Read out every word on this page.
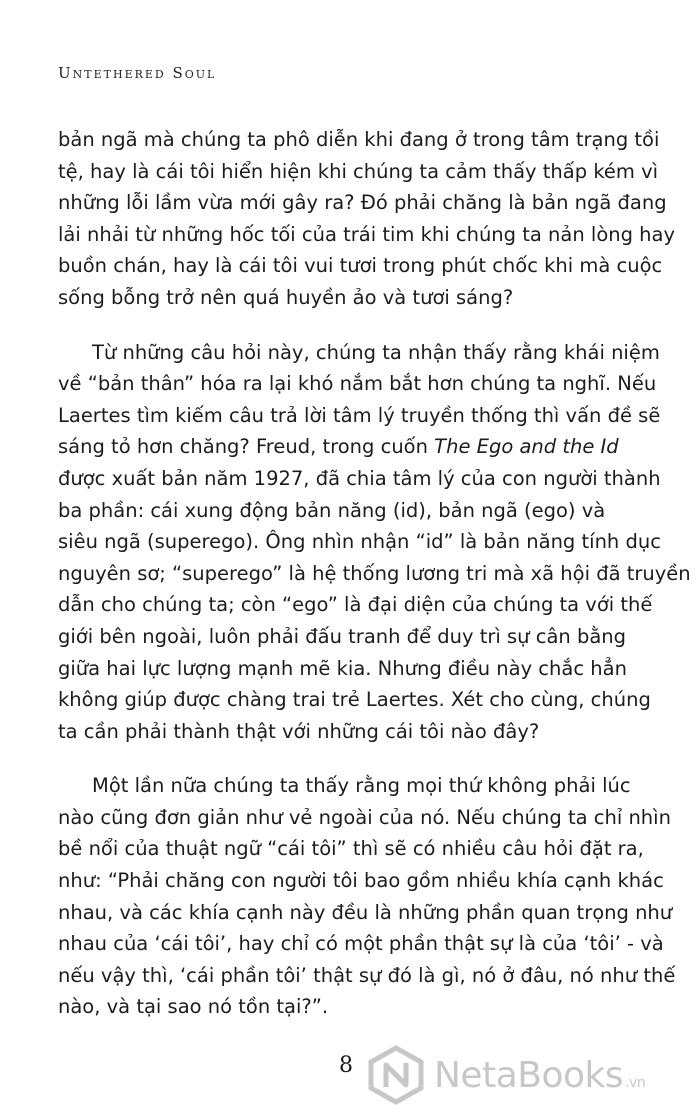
Untethered Soul

bản ngã mà chúng ta phô diễn khi đang ở trong tâm trạng tồi
tệ, hay là cái tôi hiển hiện khi chúng ta cảm thấy thấp kém vì
những lỗi lầm vừa mới gây ra? Đó phải chăng là bản ngã đang
lải nhải từ những hốc tối của trái tim khi chúng ta nản lòng hay
buồn chán, hay là cái tôi vui tươi trong phút chốc khi mà cuộc
sống bỗng trở nên quá huyền ảo và tươi sáng?

Từ những câu hỏi này, chúng ta nhận thấy rằng khái niệm
về “bản thân” hóa ra lại khó nắm bắt hơn chúng ta nghĩ. Nếu
Laertes tìm kiếm câu trả lời tâm lý truyền thống thì vấn đề sẽ
sáng tỏ hơn chăng? Freud, trong cuốn The Ego and the Id
được xuất bản năm 1927, đã chia tâm lý của con người thành
ba phần: cái xung động bản năng (id), bản ngã (ego) và
siêu ngã (superego). Ông nhìn nhận “id” là bản năng tính dục
nguyên sơ; “superego” là hệ thống lương tri mà xã hội đã truyền
dẫn cho chúng ta; còn “ego” là đại diện của chúng ta với thế
giới bên ngoài, luôn phải đấu tranh để duy trì sự cân bằng
giữa hai lực lượng mạnh mẽ kia. Nhưng điều này chắc hẳn
không giúp được chàng trai trẻ Laertes. Xét cho cùng, chúng
ta cần phải thành thật với những cái tôi nào đây?

Một lần nữa chúng ta thấy rằng mọi thứ không phải lúc
nào cũng đơn giản như vẻ ngoài của nó. Nếu chúng ta chỉ nhìn
bề nổi của thuật ngữ “cái tôi” thì sẽ có nhiều câu hỏi đặt ra,
như: “Phải chăng con người tôi bao gồm nhiều khía cạnh khác
nhau, và các khía cạnh này đều là những phần quan trọng như
nhau của ‘cái tôi’, hay chỉ có một phần thật sự là của ‘tôi’ - và
nếu vậy thì, ‘cái phần tôi’ thật sự đó là gì, nó ở đâu, nó như thế
nào, và tại sao nó tồn tại?”.

8 NetaBooks .vn
